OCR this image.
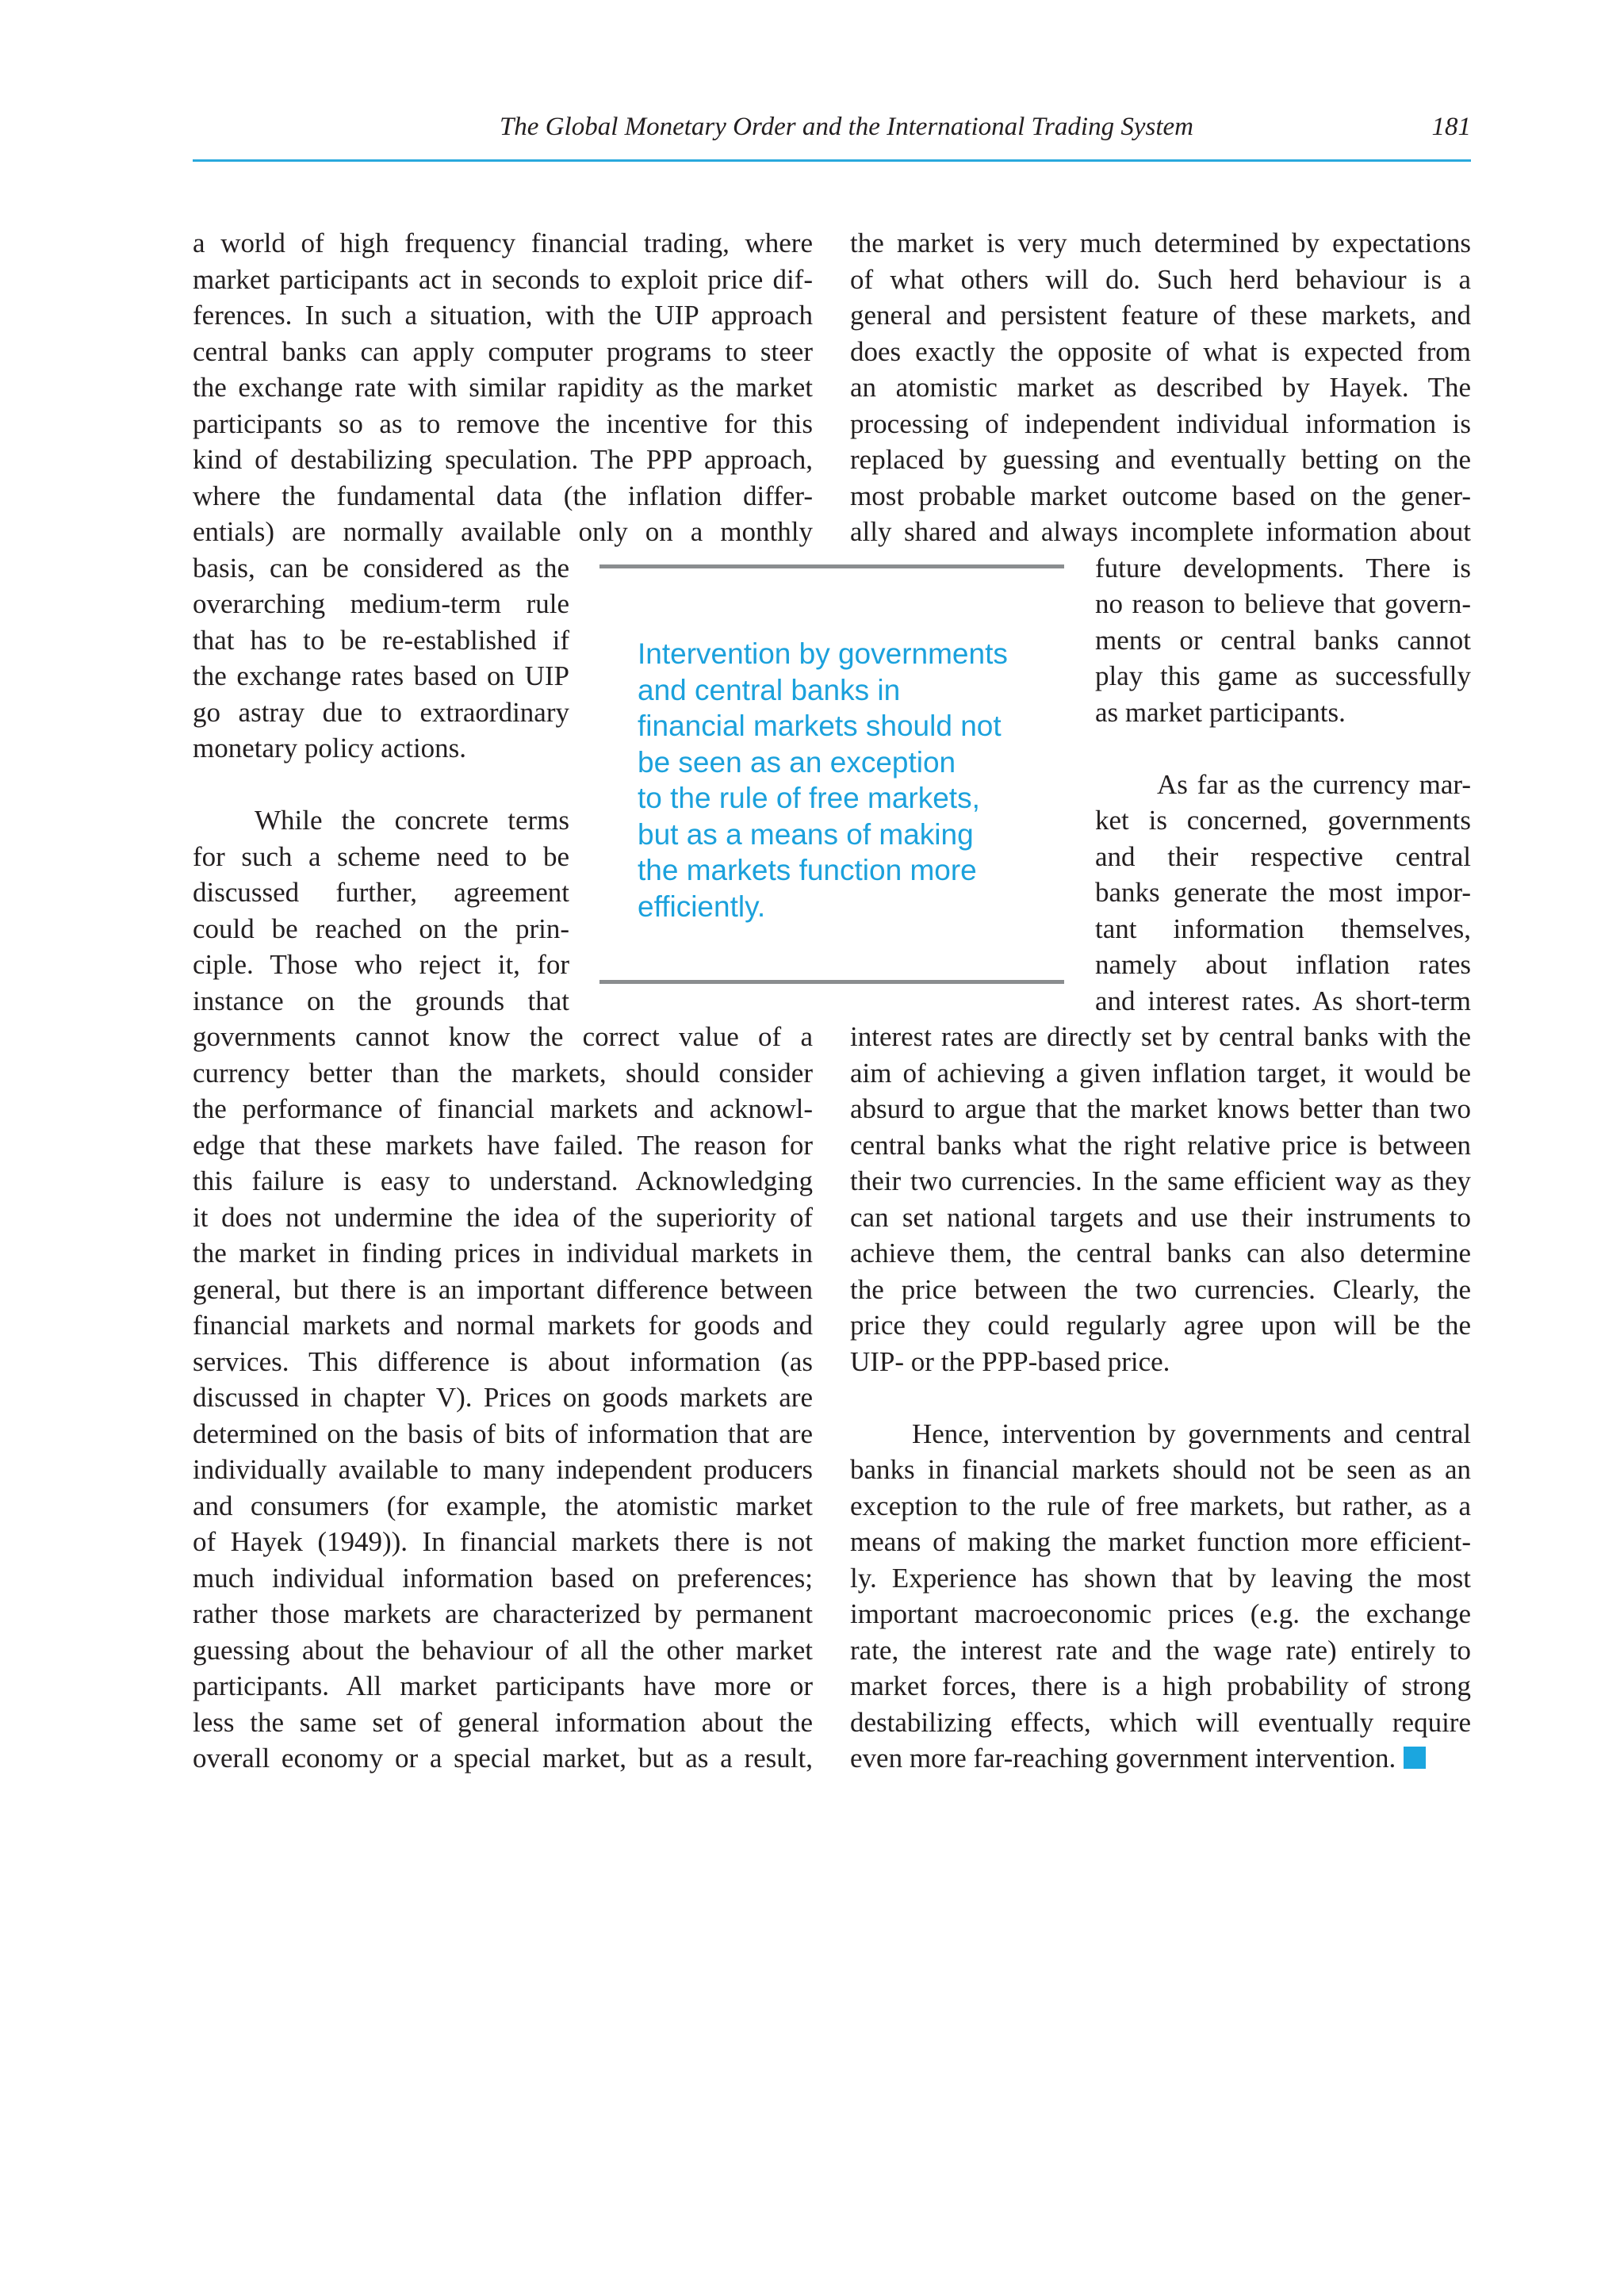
The Global Monetary Order and the International Trading System	181
a world of high frequency financial trading, where
market participants act in seconds to exploit price dif-
ferences. In such a situation, with the UIP approach
central banks can apply computer programs to steer
the exchange rate with similar rapidity as the market
participants so as to remove the incentive for this
kind of destabilizing speculation. The PPP approach,
where the fundamental data (the inflation differ-
entials) are normally available only on a monthly
basis, can be considered as the
overarching medium-term rule
that has to be re-established if
the exchange rates based on UIP
go astray due to extraordinary
monetary policy actions.
While the concrete terms
for such a scheme need to be
discussed further, agreement
could be reached on the prin-
ciple. Those who reject it, for
instance on the grounds that
governments cannot know the correct value of a
currency better than the markets, should consider
the performance of financial markets and acknowl-
edge that these markets have failed. The reason for
this failure is easy to understand. Acknowledging
it does not undermine the idea of the superiority of
the market in finding prices in individual markets in
general, but there is an important difference between
financial markets and normal markets for goods and
services. This difference is about information (as
discussed in chapter V). Prices on goods markets are
determined on the basis of bits of information that are
individually available to many independent producers
and consumers (for example, the atomistic market
of Hayek (1949)). In financial markets there is not
much individual information based on preferences;
rather those markets are characterized by permanent
guessing about the behaviour of all the other market
participants. All market participants have more or
less the same set of general information about the
overall economy or a special market, but as a result,
Intervention by governments
and central banks in
financial markets should not
be seen as an exception
to the rule of free markets,
but as a means of making
the markets function more
efficiently.
the market is very much determined by expectations
of what others will do. Such herd behaviour is a
general and persistent feature of these markets, and
does exactly the opposite of what is expected from
an atomistic market as described by Hayek. The
processing of independent individual information is
replaced by guessing and eventually betting on the
most probable market outcome based on the gener-
ally shared and always incomplete information about
future developments. There is
no reason to believe that govern-
ments or central banks cannot
play this game as successfully
as market participants.
As far as the currency mar-
ket is concerned, governments
and their respective central
banks generate the most impor-
tant information themselves,
namely about inflation rates
and interest rates. As short-term
interest rates are directly set by central banks with the
aim of achieving a given inflation target, it would be
absurd to argue that the market knows better than two
central banks what the right relative price is between
their two currencies. In the same efficient way as they
can set national targets and use their instruments to
achieve them, the central banks can also determine
the price between the two currencies. Clearly, the
price they could regularly agree upon will be the
UIP- or the PPP-based price.
Hence, intervention by governments and central
banks in financial markets should not be seen as an
exception to the rule of free markets, but rather, as a
means of making the market function more efficient-
ly. Experience has shown that by leaving the most
important macroeconomic prices (e.g. the exchange
rate, the interest rate and the wage rate) entirely to
market forces, there is a high probability of strong
destabilizing effects, which will eventually require
even more far-reaching government intervention.
